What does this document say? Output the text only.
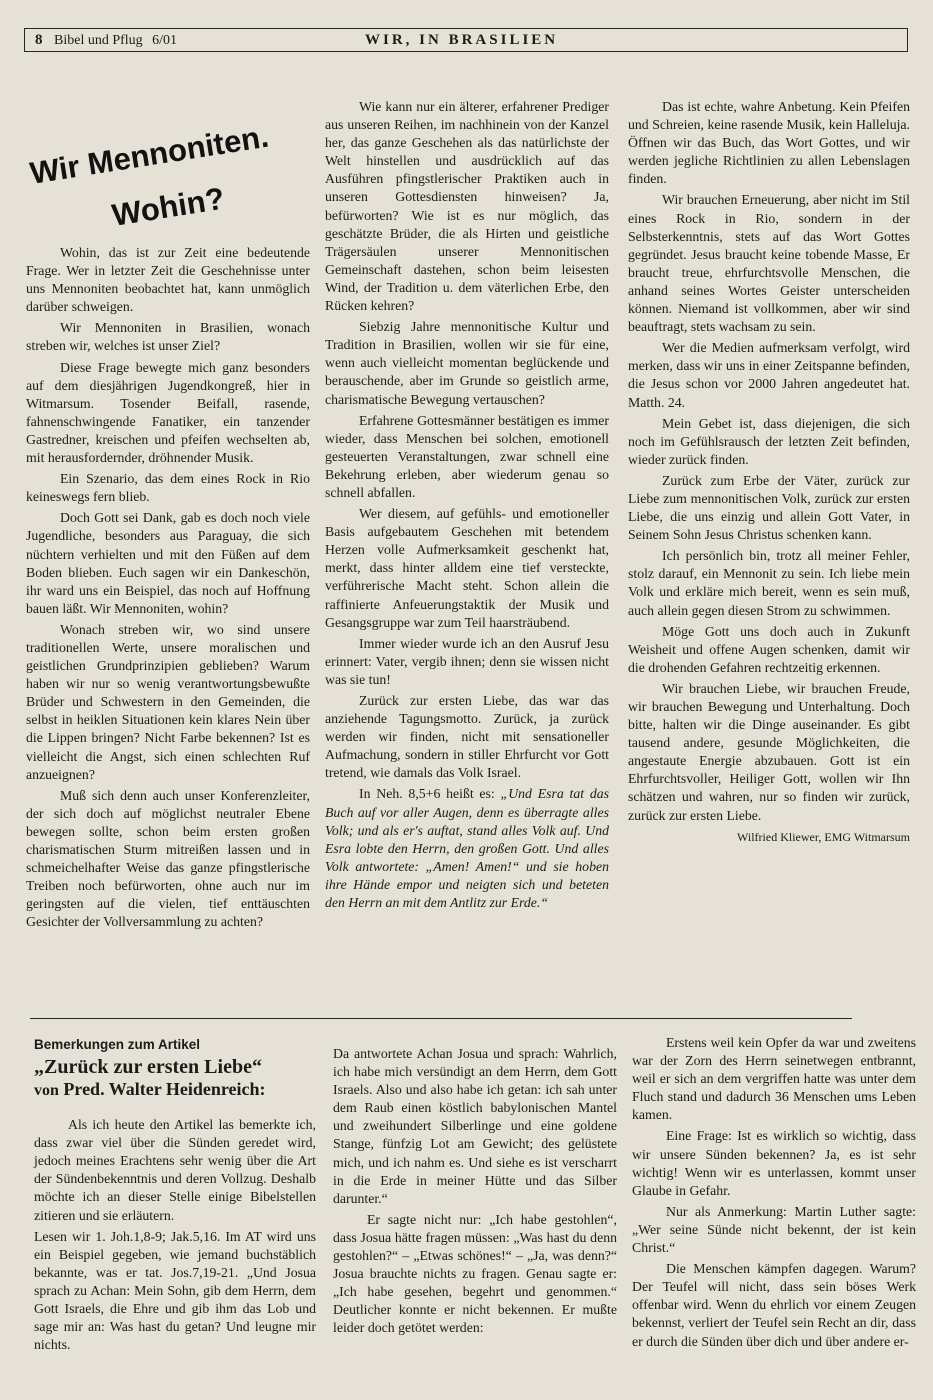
8 Bibel und Pflug 6/01	WIR, IN BRASILIEN
Wir Mennoniten.
Wohin?

Wohin, das ist zur Zeit eine bedeutende Frage. Wer in letzter Zeit die Geschehnisse unter uns Mennoniten beobachtet hat, kann unmöglich darüber schweigen.

Wir Mennoniten in Brasilien, wonach streben wir, welches ist unser Ziel?

Diese Frage bewegte mich ganz besonders auf dem diesjährigen Jugendkongreß, hier in Witmarsum. Tosender Beifall, rasende, fahnenschwingende Fanatiker, ein tanzender Gastredner, kreischen und pfeifen wechselten ab, mit herausfordernder, dröhnender Musik.

Ein Szenario, das dem eines Rock in Rio keineswegs fern blieb.

Doch Gott sei Dank, gab es doch noch viele Jugendliche, besonders aus Paraguay, die sich nüchtern verhielten und mit den Füßen auf dem Boden blieben. Euch sagen wir ein Dankeschön, ihr ward uns ein Beispiel, das noch auf Hoffnung bauen läßt. Wir Mennoniten, wohin?

Wonach streben wir, wo sind unsere traditionellen Werte, unsere moralischen und geistlichen Grundprinzipien geblieben? Warum haben wir nur so wenig verantwortungsbewußte Brüder und Schwestern in den Gemeinden, die selbst in heiklen Situationen kein klares Nein über die Lippen bringen? Nicht Farbe bekennen? Ist es vielleicht die Angst, sich einen schlechten Ruf anzueignen?

Muß sich denn auch unser Konferenzleiter, der sich doch auf möglichst neutraler Ebene bewegen sollte, schon beim ersten großen charismatischen Sturm mitreißen lassen und in schmeichelhafter Weise das ganze pfingstlerische Treiben noch befürworten, ohne auch nur im geringsten auf die vielen, tief enttäuschten Gesichter der Vollversammlung zu achten?

Wie kann nur ein älterer, erfahrener Prediger aus unseren Reihen, im nachhinein von der Kanzel her, das ganze Geschehen als das natürlichste der Welt hinstellen und ausdrücklich auf das Ausführen pfingstlerischer Praktiken auch in unseren Gottesdiensten hinweisen? Ja, befürworten? Wie ist es nur möglich, das geschätzte Brüder, die als Hirten und geistliche Trägersäulen unserer Mennonitischen Gemeinschaft dastehen, schon beim leisesten Wind, der Tradition u. dem väterlichen Erbe, den Rücken kehren?

Siebzig Jahre mennonitische Kultur und Tradition in Brasilien, wollen wir sie für eine, wenn auch vielleicht momentan beglückende und berauschende, aber im Grunde so geistlich arme, charismatische Bewegung vertauschen?

Erfahrene Gottesmänner bestätigen es immer wieder, dass Menschen bei solchen, emotionell gesteuerten Veranstaltungen, zwar schnell eine Bekehrung erleben, aber wiederum genau so schnell abfallen.

Wer diesem, auf gefühls- und emotioneller Basis aufgebautem Geschehen mit betendem Herzen volle Aufmerksamkeit geschenkt hat, merkt, dass hinter alldem eine tief versteckte, verführerische Macht steht. Schon allein die raffinierte Anfeuerungstaktik der Musik und Gesangsgruppe war zum Teil haarsträubend.

Immer wieder wurde ich an den Ausruf Jesu erinnert: Vater, vergib ihnen; denn sie wissen nicht was sie tun!

Zurück zur ersten Liebe, das war das anziehende Tagungsmotto. Zurück, ja zurück werden wir finden, nicht mit sensationeller Aufmachung, sondern in stiller Ehrfurcht vor Gott tretend, wie damals das Volk Israel.

In Neh. 8,5+6 heißt es: „Und Esra tat das Buch auf vor aller Augen, denn es überragte alles Volk; und als er's auftat, stand alles Volk auf. Und Esra lobte den Herrn, den großen Gott. Und alles Volk antwortete: „Amen! Amen!“ und sie hoben ihre Hände empor und neigten sich und beteten den Herrn an mit dem Antlitz zur Erde.“

Das ist echte, wahre Anbetung. Kein Pfeifen und Schreien, keine rasende Musik, kein Halleluja. Öffnen wir das Buch, das Wort Gottes, und wir werden jegliche Richtlinien zu allen Lebenslagen finden.

Wir brauchen Erneuerung, aber nicht im Stil eines Rock in Rio, sondern in der Selbsterkenntnis, stets auf das Wort Gottes gegründet. Jesus braucht keine tobende Masse, Er braucht treue, ehrfurchtsvolle Menschen, die anhand seines Wortes Geister unterscheiden können. Niemand ist vollkommen, aber wir sind beauftragt, stets wachsam zu sein.

Wer die Medien aufmerksam verfolgt, wird merken, dass wir uns in einer Zeitspanne befinden, die Jesus schon vor 2000 Jahren angedeutet hat. Matth. 24.

Mein Gebet ist, dass diejenigen, die sich noch im Gefühlsrausch der letzten Zeit befinden, wieder zurück finden.

Zurück zum Erbe der Väter, zurück zur Liebe zum mennonitischen Volk, zurück zur ersten Liebe, die uns einzig und allein Gott Vater, in Seinem Sohn Jesus Christus schenken kann.

Ich persönlich bin, trotz all meiner Fehler, stolz darauf, ein Mennonit zu sein. Ich liebe mein Volk und erkläre mich bereit, wenn es sein muß, auch allein gegen diesen Strom zu schwimmen.

Möge Gott uns doch auch in Zukunft Weisheit und offene Augen schenken, damit wir die drohenden Gefahren rechtzeitig erkennen.

Wir brauchen Liebe, wir brauchen Freude, wir brauchen Bewegung und Unterhaltung. Doch bitte, halten wir die Dinge auseinander. Es gibt tausend andere, gesunde Möglichkeiten, die angestaute Energie abzubauen. Gott ist ein Ehrfurchtsvoller, Heiliger Gott, wollen wir Ihn schätzen und wahren, nur so finden wir zurück, zurück zur ersten Liebe.

Wilfried Kliewer, EMG Witmarsum

Bemerkungen zum Artikel
„Zurück zur ersten Liebe“
von Pred. Walter Heidenreich:

Als ich heute den Artikel las bemerkte ich, dass zwar viel über die Sünden geredet wird, jedoch meines Erachtens sehr wenig über die Art der Sündenbekenntnis und deren Vollzug. Deshalb möchte ich an dieser Stelle einige Bibelstellen zitieren und sie erläutern.

Lesen wir 1. Joh.1,8-9; Jak.5,16. Im AT wird uns ein Beispiel gegeben, wie jemand buchstäblich bekannte, was er tat. Jos.7,19-21. „Und Josua sprach zu Achan: Mein Sohn, gib dem Herrn, dem Gott Israels, die Ehre und gib ihm das Lob und sage mir an: Was hast du getan? Und leugne mir nichts.

Da antwortete Achan Josua und sprach: Wahrlich, ich habe mich versündigt an dem Herrn, dem Gott Israels. Also und also habe ich getan: ich sah unter dem Raub einen köstlich babylonischen Mantel und zweihundert Silberlinge und eine goldene Stange, fünfzig Lot am Gewicht; des gelüstete mich, und ich nahm es. Und siehe es ist verscharrt in die Erde in meiner Hütte und das Silber darunter.“

Er sagte nicht nur: „Ich habe gestohlen“, dass Josua hätte fragen müssen: „Was hast du denn gestohlen?“ – „Etwas schönes!“ – „Ja, was denn?“ Josua brauchte nichts zu fragen. Genau sagte er: „Ich habe gesehen, begehrt und genommen.“ Deutlicher konnte er nicht bekennen. Er mußte leider doch getötet werden:

Erstens weil kein Opfer da war und zweitens war der Zorn des Herrn seinetwegen entbrannt, weil er sich an dem vergriffen hatte was unter dem Fluch stand und dadurch 36 Menschen ums Leben kamen.

Eine Frage: Ist es wirklich so wichtig, dass wir unsere Sünden bekennen? Ja, es ist sehr wichtig! Wenn wir es unterlassen, kommt unser Glaube in Gefahr.

Nur als Anmerkung: Martin Luther sagte: „Wer seine Sünde nicht bekennt, der ist kein Christ.“

Die Menschen kämpfen dagegen. Warum? Der Teufel will nicht, dass sein böses Werk offenbar wird. Wenn du ehrlich vor einem Zeugen bekennst, verliert der Teufel sein Recht an dir, dass er durch die Sünden über dich und über andere er-
